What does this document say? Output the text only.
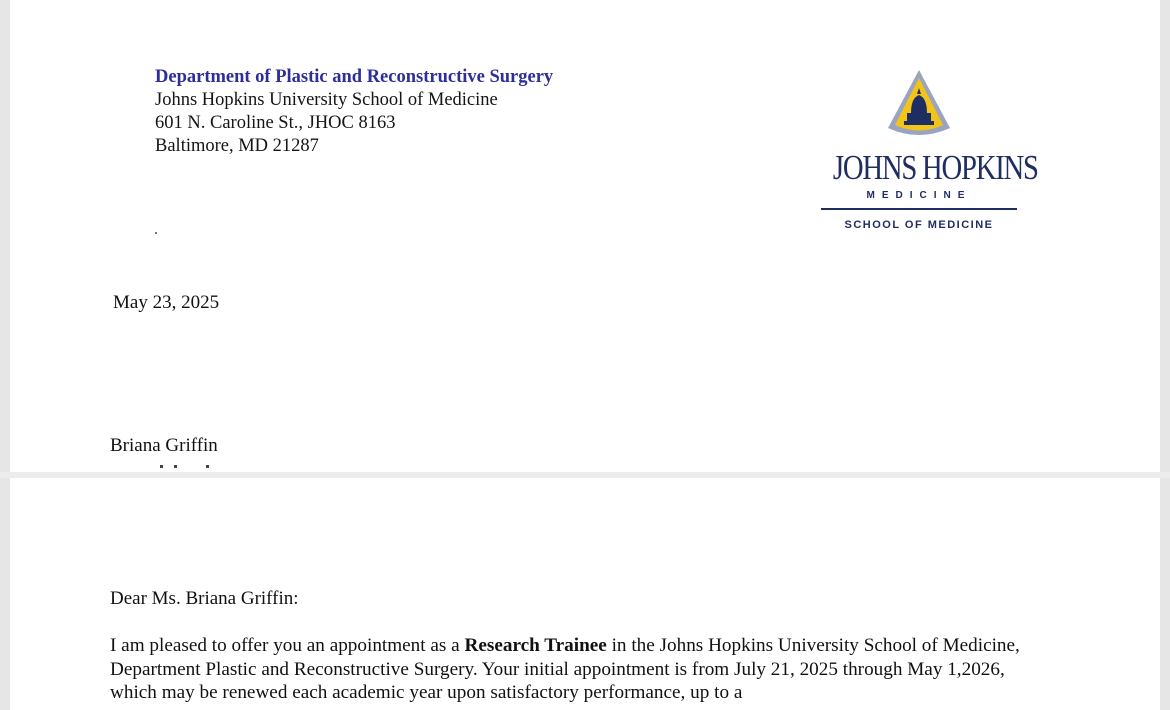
Department of Plastic and Reconstructive Surgery
Johns Hopkins University School of Medicine
601 N. Caroline St., JHOC 8163
Baltimore, MD 21287
JOHNS HOPKINS
MEDICINE
SCHOOL OF MEDICINE
May 23, 2025
Briana Griffin
Dear Ms. Briana Griffin:
I am pleased to offer you an appointment as a Research Trainee in the Johns Hopkins University School of Medicine, Department Plastic and Reconstructive Surgery. Your initial appointment is from July 21, 2025 through May 1,2026, which may be renewed each academic year upon satisfactory performance, up to a
